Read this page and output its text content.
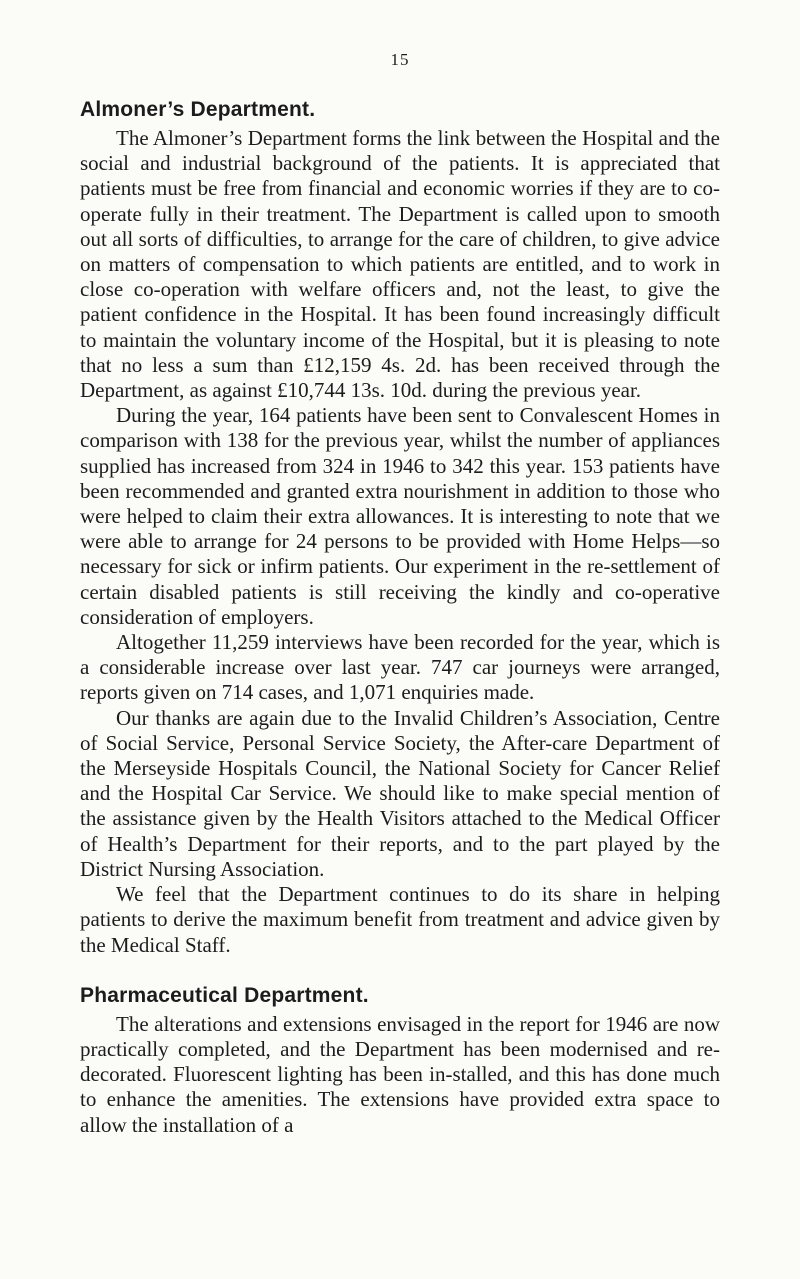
15
Almoner’s Department.

The Almoner’s Department forms the link between the Hospital and the social and industrial background of the patients. It is appreciated that patients must be free from financial and economic worries if they are to co-operate fully in their treatment. The Department is called upon to smooth out all sorts of difficulties, to arrange for the care of children, to give advice on matters of compensation to which patients are entitled, and to work in close co-operation with welfare officers and, not the least, to give the patient confidence in the Hospital. It has been found increasingly difficult to maintain the voluntary income of the Hospital, but it is pleasing to note that no less a sum than £12,159 4s. 2d. has been received through the Department, as against £10,744 13s. 10d. during the previous year.

During the year, 164 patients have been sent to Convalescent Homes in comparison with 138 for the previous year, whilst the number of appliances supplied has increased from 324 in 1946 to 342 this year. 153 patients have been recommended and granted extra nourishment in addition to those who were helped to claim their extra allowances. It is interesting to note that we were able to arrange for 24 persons to be provided with Home Helps—so necessary for sick or infirm patients. Our experiment in the re-settlement of certain disabled patients is still receiving the kindly and co-operative consideration of employers.

Altogether 11,259 interviews have been recorded for the year, which is a considerable increase over last year. 747 car journeys were arranged, reports given on 714 cases, and 1,071 enquiries made.

Our thanks are again due to the Invalid Children’s Association, Centre of Social Service, Personal Service Society, the After-care Department of the Merseyside Hospitals Council, the National Society for Cancer Relief and the Hospital Car Service. We should like to make special mention of the assistance given by the Health Visitors attached to the Medical Officer of Health’s Department for their reports, and to the part played by the District Nursing Association.

We feel that the Department continues to do its share in helping patients to derive the maximum benefit from treatment and advice given by the Medical Staff.

Pharmaceutical Department.

The alterations and extensions envisaged in the report for 1946 are now practically completed, and the Department has been modernised and re-decorated. Fluorescent lighting has been in-stalled, and this has done much to enhance the amenities. The extensions have provided extra space to allow the installation of a
